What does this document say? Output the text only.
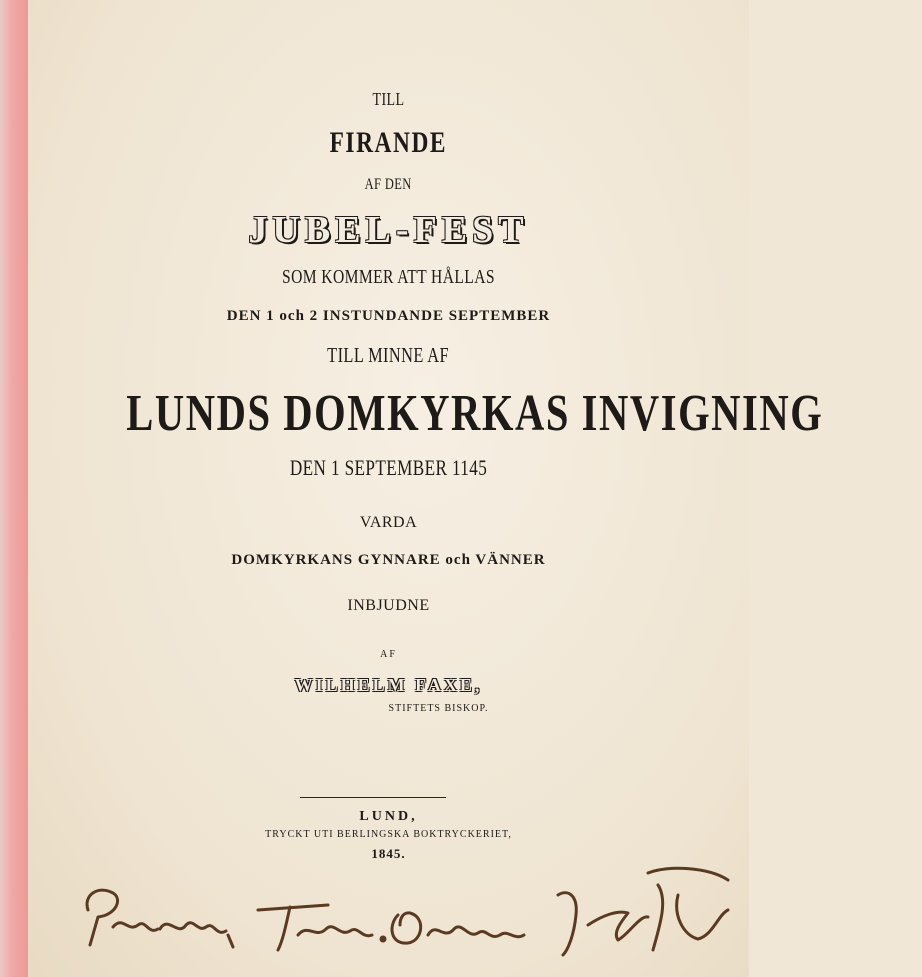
TILL
FIRANDE
AF DEN
JUBEL-FEST
SOM KOMMER ATT HÅLLAS
DEN 1 och 2 INSTUNDANDE SEPTEMBER
TILL MINNE AF
LUNDS DOMKYRKAS INVIGNING
DEN 1 SEPTEMBER 1145
VARDA
DOMKYRKANS GYNNARE och VÄNNER
INBJUDNE
AF
WILHELM FAXE,
STIFTETS BISKOP.
LUND,
TRYCKT UTI BERLINGSKA BOKTRYCKERIET,
1845.
